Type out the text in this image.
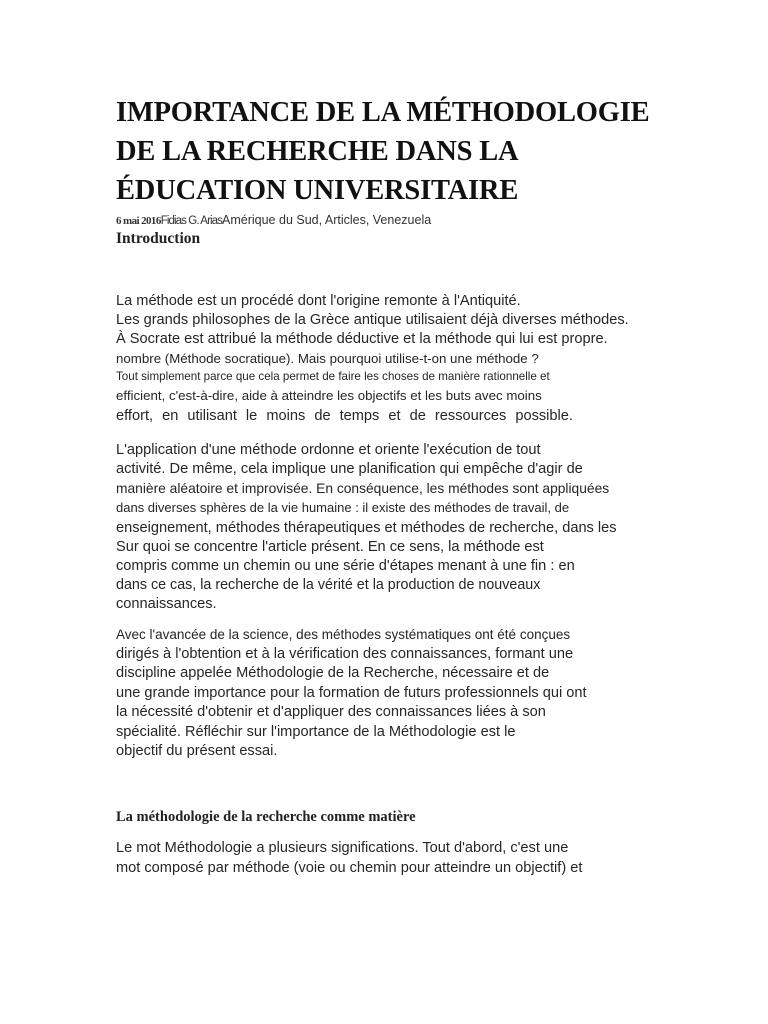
IMPORTANCE DE LA MÉTHODOLOGIE
DE LA RECHERCHE DANS LA
ÉDUCATION UNIVERSITAIRE
6 mai 2016Fidias G. AriasAmérique du Sud, Articles, Venezuela
Introduction
La méthode est un procédé dont l'origine remonte à l'Antiquité.
Les grands philosophes de la Grèce antique utilisaient déjà diverses méthodes.
À Socrate est attribué la méthode déductive et la méthode qui lui est propre.
nombre (Méthode socratique). Mais pourquoi utilise-t-on une méthode ?
Tout simplement parce que cela permet de faire les choses de manière rationnelle et
efficient, c'est-à-dire, aide à atteindre les objectifs et les buts avec moins
effort, en utilisant le moins de temps et de ressources possible.
L'application d'une méthode ordonne et oriente l'exécution de tout
activité. De même, cela implique une planification qui empêche d'agir de
manière aléatoire et improvisée. En conséquence, les méthodes sont appliquées
dans diverses sphères de la vie humaine : il existe des méthodes de travail, de
enseignement, méthodes thérapeutiques et méthodes de recherche, dans les
Sur quoi se concentre l'article présent. En ce sens, la méthode est
compris comme un chemin ou une série d'étapes menant à une fin : en
dans ce cas, la recherche de la vérité et la production de nouveaux
connaissances.
Avec l'avancée de la science, des méthodes systématiques ont été conçues
dirigés à l'obtention et à la vérification des connaissances, formant une
discipline appelée Méthodologie de la Recherche, nécessaire et de
une grande importance pour la formation de futurs professionnels qui ont
la nécessité d'obtenir et d'appliquer des connaissances liées à son
spécialité. Réfléchir sur l'importance de la Méthodologie est le
objectif du présent essai.
La méthodologie de la recherche comme matière
Le mot Méthodologie a plusieurs significations. Tout d'abord, c'est une
mot composé par méthode (voie ou chemin pour atteindre un objectif) et
